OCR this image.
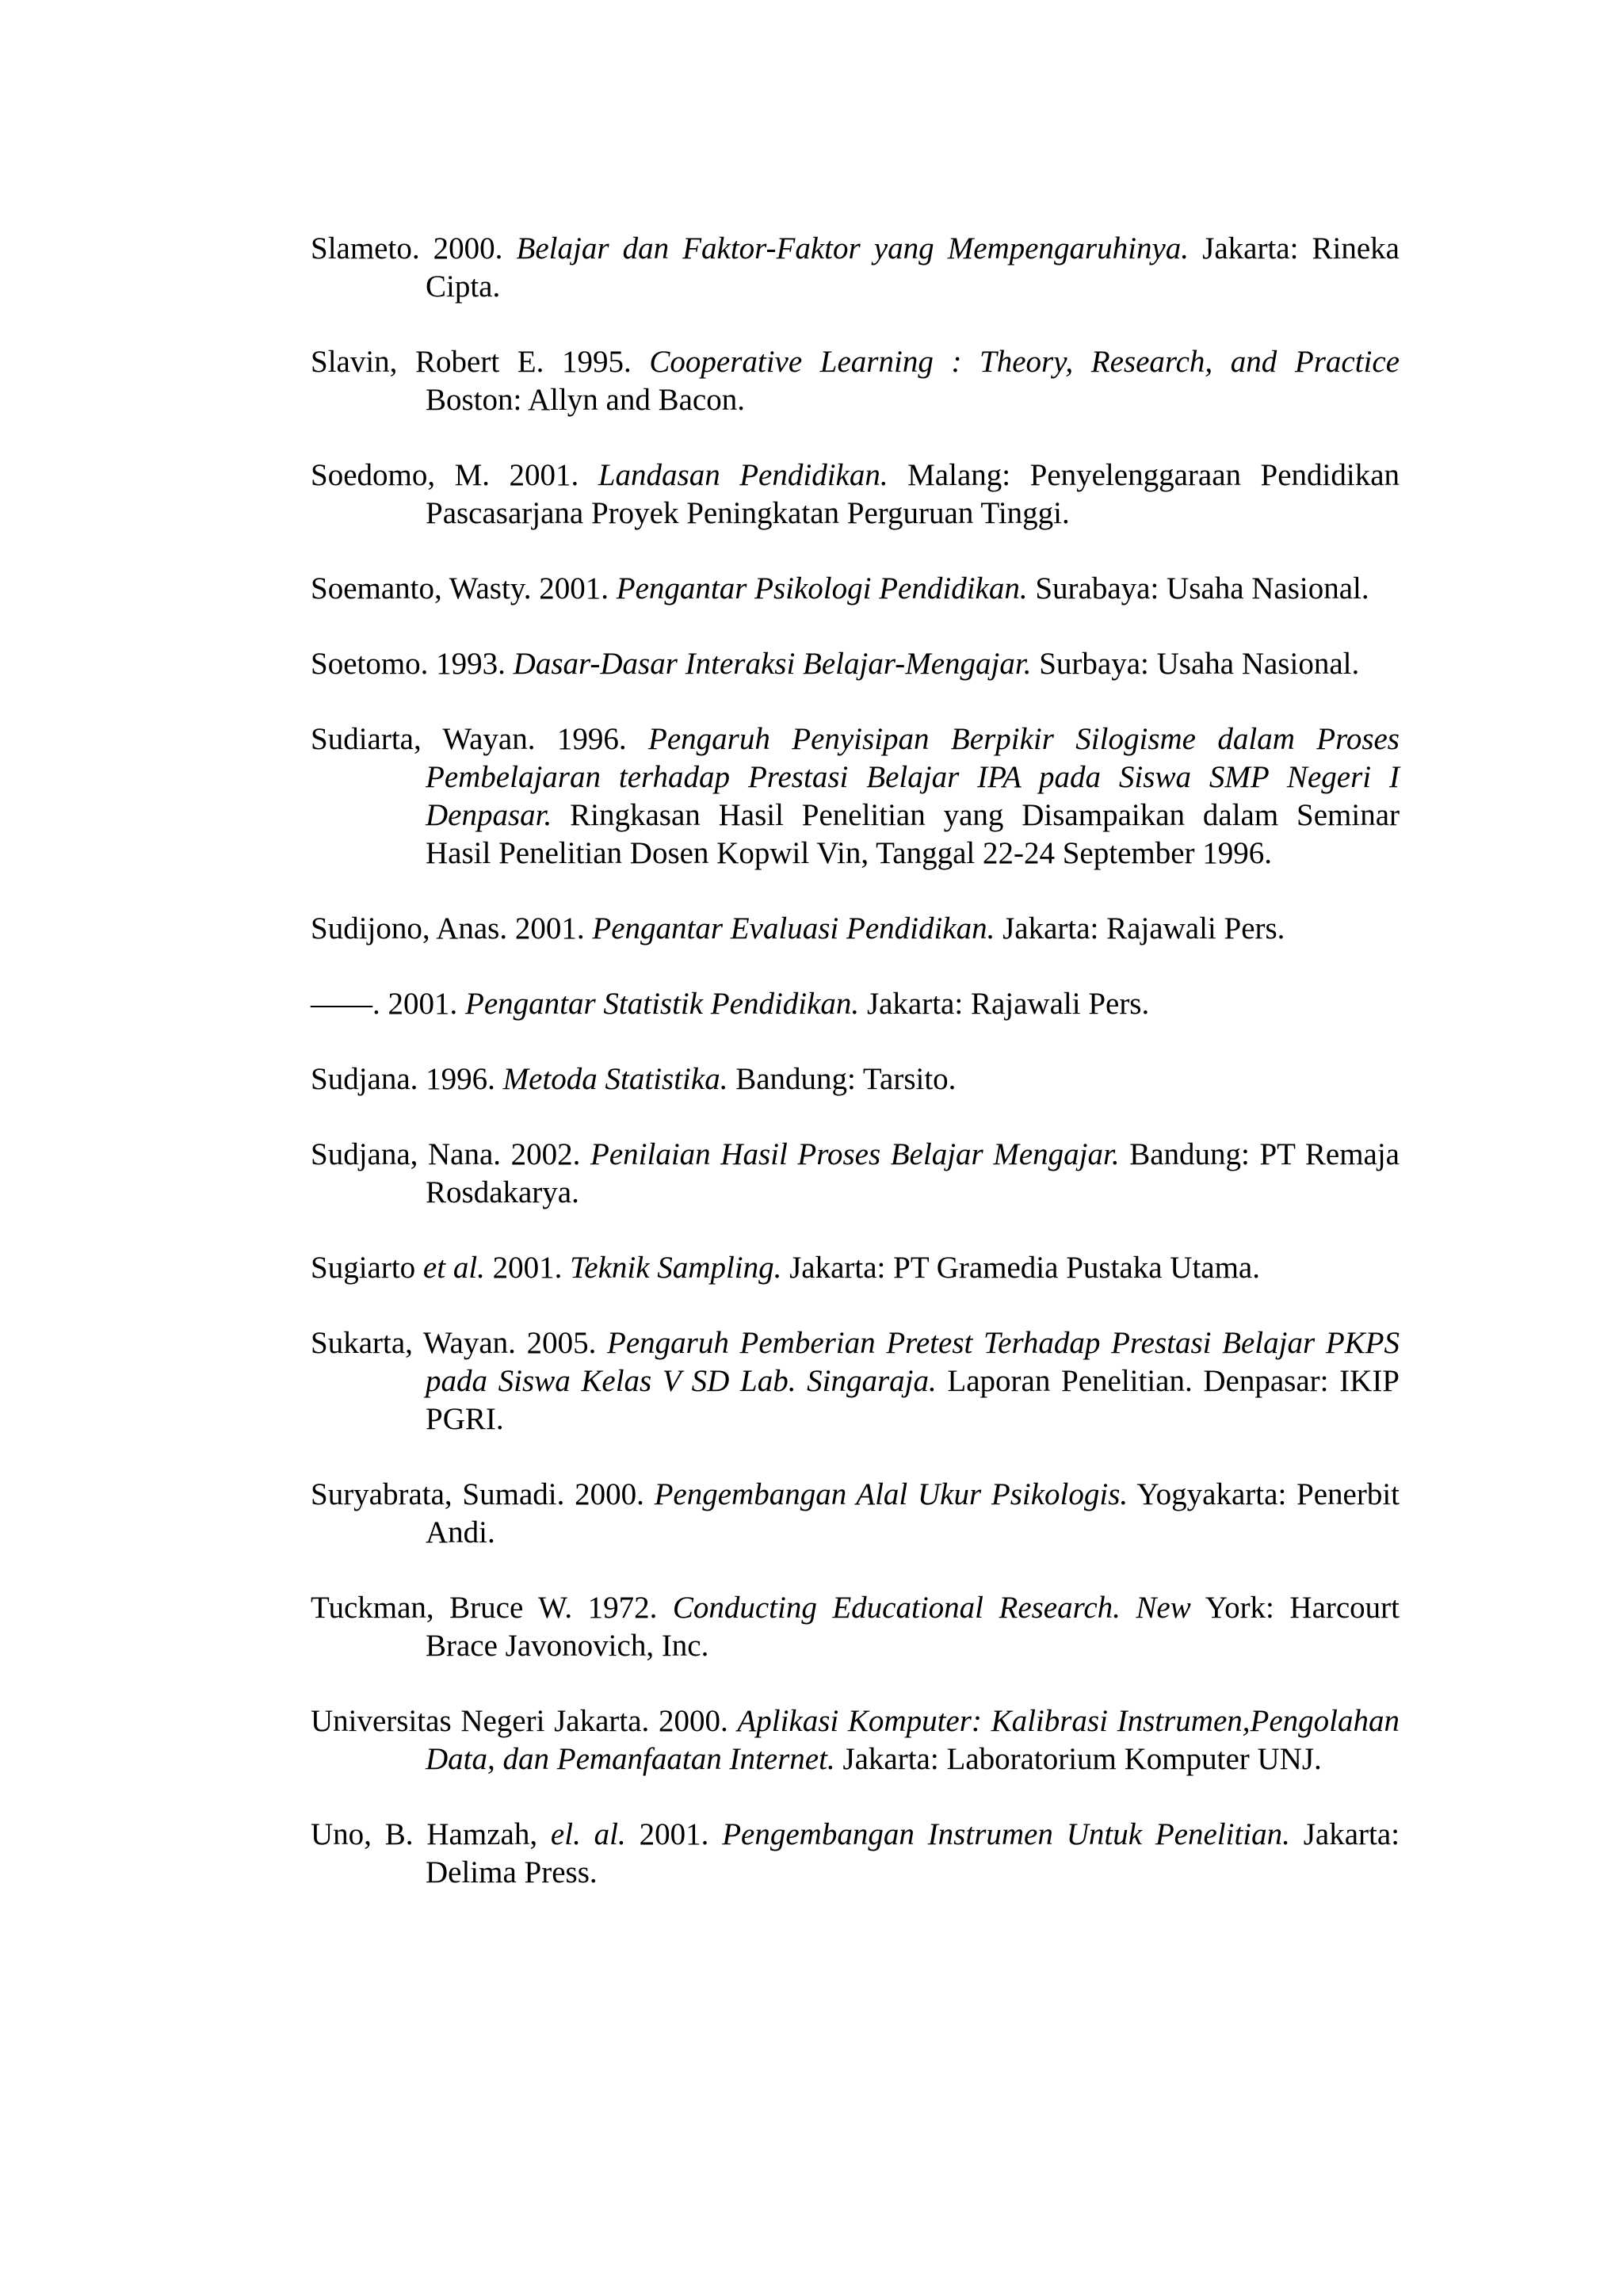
Slameto. 2000. Belajar dan Faktor-Faktor yang Mempengaruhinya. Jakarta: Rineka Cipta.

Slavin, Robert E. 1995. Cooperative Learning : Theory, Research, and Practice Boston: Allyn and Bacon.

Soedomo, M. 2001. Landasan Pendidikan. Malang: Penyelenggaraan Pendidikan Pascasarjana Proyek Peningkatan Perguruan Tinggi.

Soemanto, Wasty. 2001. Pengantar Psikologi Pendidikan. Surabaya: Usaha Nasional.

Soetomo. 1993. Dasar-Dasar Interaksi Belajar-Mengajar. Surbaya: Usaha Nasional.

Sudiarta, Wayan. 1996. Pengaruh Penyisipan Berpikir Silogisme dalam Proses Pembelajaran terhadap Prestasi Belajar IPA pada Siswa SMP Negeri I Denpasar. Ringkasan Hasil Penelitian yang Disampaikan dalam Seminar Hasil Penelitian Dosen Kopwil Vin, Tanggal 22-24 September 1996.

Sudijono, Anas. 2001. Pengantar Evaluasi Pendidikan. Jakarta: Rajawali Pers.

——. 2001. Pengantar Statistik Pendidikan. Jakarta: Rajawali Pers.

Sudjana. 1996. Metoda Statistika. Bandung: Tarsito.

Sudjana, Nana. 2002. Penilaian Hasil Proses Belajar Mengajar. Bandung: PT Remaja Rosdakarya.

Sugiarto et al. 2001. Teknik Sampling. Jakarta: PT Gramedia Pustaka Utama.

Sukarta, Wayan. 2005. Pengaruh Pemberian Pretest Terhadap Prestasi Belajar PKPS pada Siswa Kelas V SD Lab. Singaraja. Laporan Penelitian. Denpasar: IKIP PGRI.

Suryabrata, Sumadi. 2000. Pengembangan Alal Ukur Psikologis. Yogyakarta: Penerbit Andi.

Tuckman, Bruce W. 1972. Conducting Educational Research. New York: Harcourt Brace Javonovich, Inc.

Universitas Negeri Jakarta. 2000. Aplikasi Komputer: Kalibrasi Instrumen,Pengolahan Data, dan Pemanfaatan Internet. Jakarta: Laboratorium Komputer UNJ.

Uno, B. Hamzah, el. al. 2001. Pengembangan Instrumen Untuk Penelitian. Jakarta: Delima Press.
